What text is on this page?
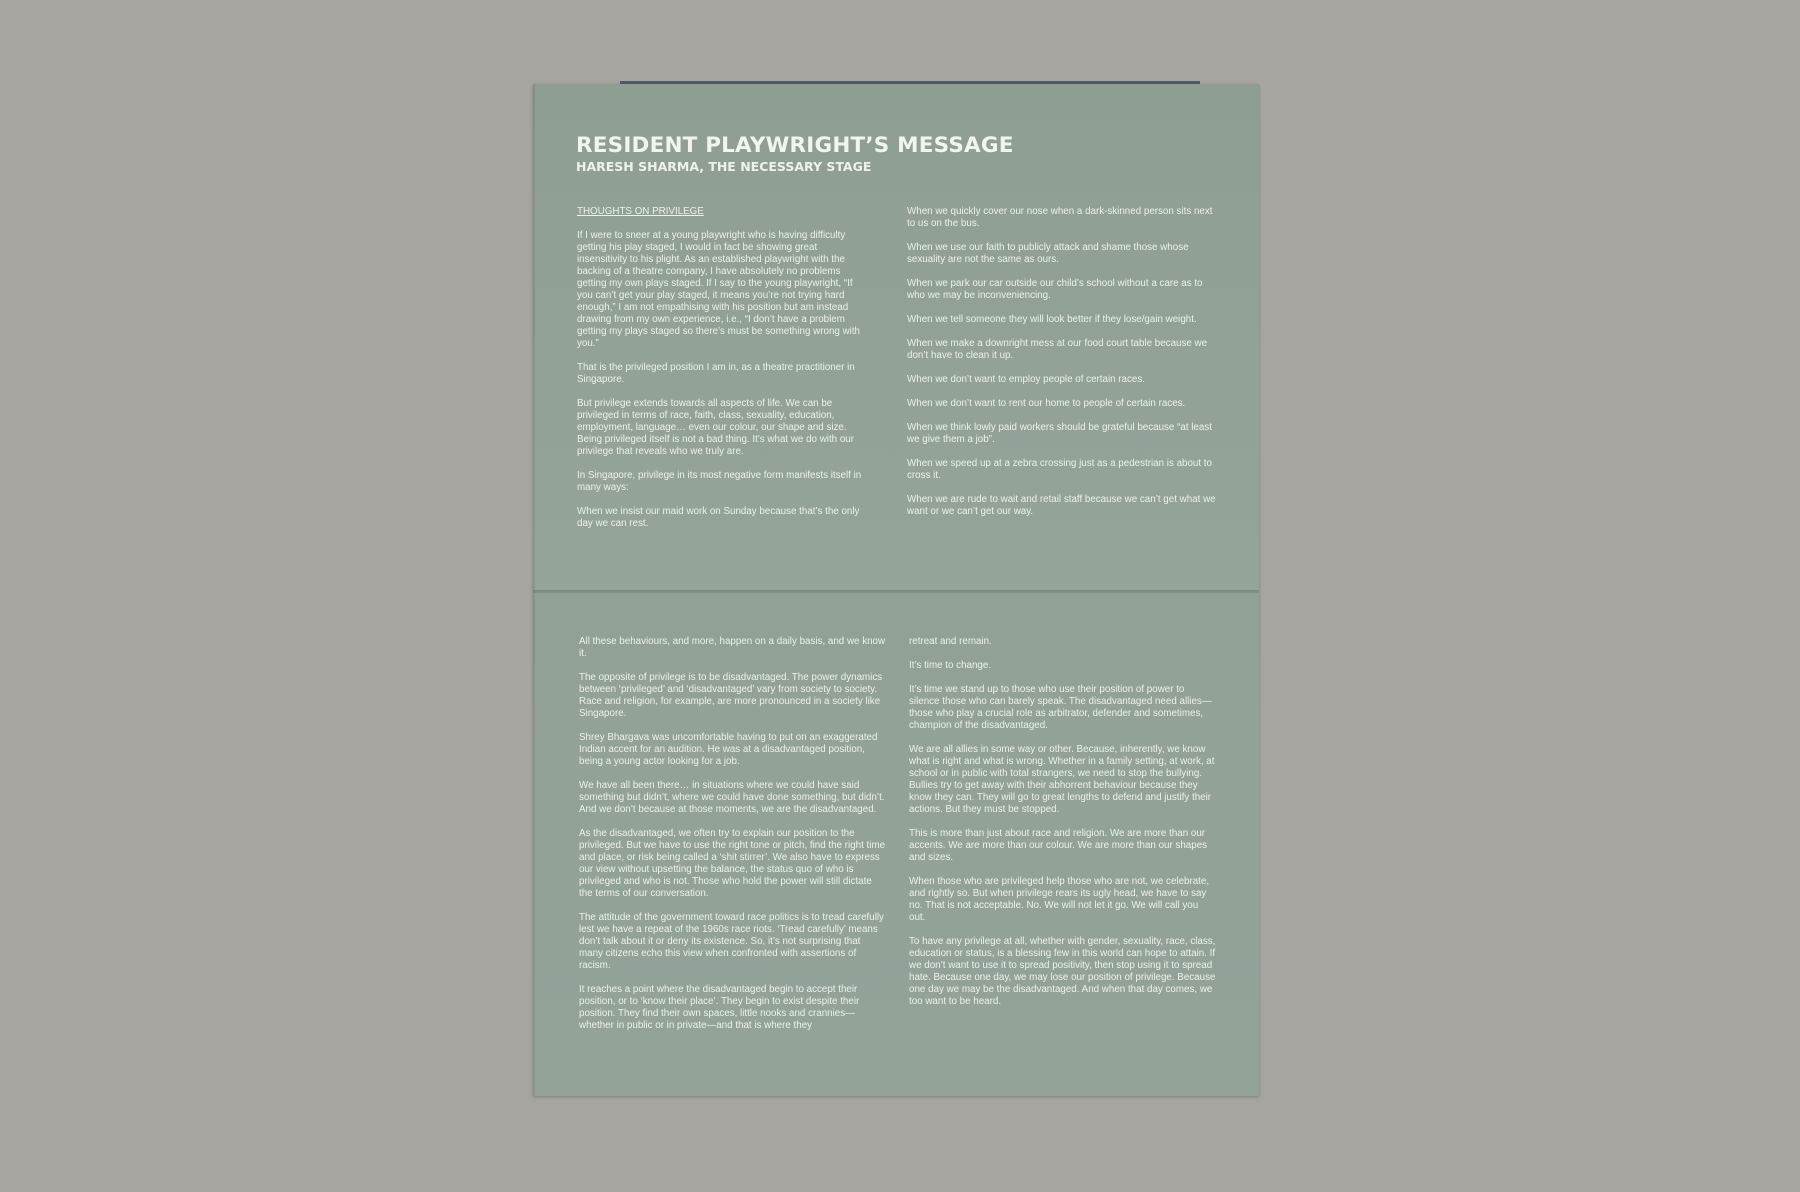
RESIDENT PLAYWRIGHT’S MESSAGE
HARESH SHARMA, THE NECESSARY STAGE

THOUGHTS ON PRIVILEGE

If I were to sneer at a young playwright who is having difficulty getting his play staged, I would in fact be showing great insensitivity to his plight. As an established playwright with the backing of a theatre company, I have absolutely no problems getting my own plays staged. If I say to the young playwright, “If you can’t get your play staged, it means you’re not trying hard enough,” I am not empathising with his position but am instead drawing from my own experience, i.e., “I don’t have a problem getting my plays staged so there’s must be something wrong with you.”

That is the privileged position I am in, as a theatre practitioner in Singapore.

But privilege extends towards all aspects of life. We can be privileged in terms of race, faith, class, sexuality, education, employment, language… even our colour, our shape and size. Being privileged itself is not a bad thing. It’s what we do with our privilege that reveals who we truly are.

In Singapore, privilege in its most negative form manifests itself in many ways:

When we insist our maid work on Sunday because that’s the only day we can rest.

When we quickly cover our nose when a dark-skinned person sits next to us on the bus.

When we use our faith to publicly attack and shame those whose sexuality are not the same as ours.

When we park our car outside our child’s school without a care as to who we may be inconveniencing.

When we tell someone they will look better if they lose/gain weight.

When we make a downright mess at our food court table because we don’t have to clean it up.

When we don’t want to employ people of certain races.

When we don’t want to rent our home to people of certain races.

When we think lowly paid workers should be grateful because “at least we give them a job”.

When we speed up at a zebra crossing just as a pedestrian is about to cross it.

When we are rude to wait and retail staff because we can’t get what we want or we can’t get our way.

All these behaviours, and more, happen on a daily basis, and we know it.

The opposite of privilege is to be disadvantaged. The power dynamics between ‘privileged’ and ‘disadvantaged’ vary from society to society. Race and religion, for example, are more pronounced in a society like Singapore.

Shrey Bhargava was uncomfortable having to put on an exaggerated Indian accent for an audition. He was at a disadvantaged position, being a young actor looking for a job.

We have all been there… in situations where we could have said something but didn’t, where we could have done something, but didn’t. And we don’t because at those moments, we are the disadvantaged.

As the disadvantaged, we often try to explain our position to the privileged. But we have to use the right tone or pitch, find the right time and place, or risk being called a ‘shit stirrer’. We also have to express our view without upsetting the balance, the status quo of who is privileged and who is not. Those who hold the power will still dictate the terms of our conversation.

The attitude of the government toward race politics is to tread carefully lest we have a repeat of the 1960s race riots. ‘Tread carefully’ means don’t talk about it or deny its existence. So, it’s not surprising that many citizens echo this view when confronted with assertions of racism.

It reaches a point where the disadvantaged begin to accept their position, or to ‘know their place’. They begin to exist despite their position. They find their own spaces, little nooks and crannies—whether in public or in private—and that is where they

retreat and remain.

It’s time to change.

It’s time we stand up to those who use their position of power to silence those who can barely speak. The disadvantaged need allies—those who play a crucial role as arbitrator, defender and sometimes, champion of the disadvantaged.

We are all allies in some way or other. Because, inherently, we know what is right and what is wrong. Whether in a family setting, at work, at school or in public with total strangers, we need to stop the bullying. Bullies try to get away with their abhorrent behaviour because they know they can. They will go to great lengths to defend and justify their actions. But they must be stopped.

This is more than just about race and religion. We are more than our accents. We are more than our colour. We are more than our shapes and sizes.

When those who are privileged help those who are not, we celebrate, and rightly so. But when privilege rears its ugly head, we have to say no. That is not acceptable. No. We will not let it go. We will call you out.

To have any privilege at all, whether with gender, sexuality, race, class, education or status, is a blessing few in this world can hope to attain. If we don’t want to use it to spread positivity, then stop using it to spread hate. Because one day, we may lose our position of privilege. Because one day we may be the disadvantaged. And when that day comes, we too want to be heard.
